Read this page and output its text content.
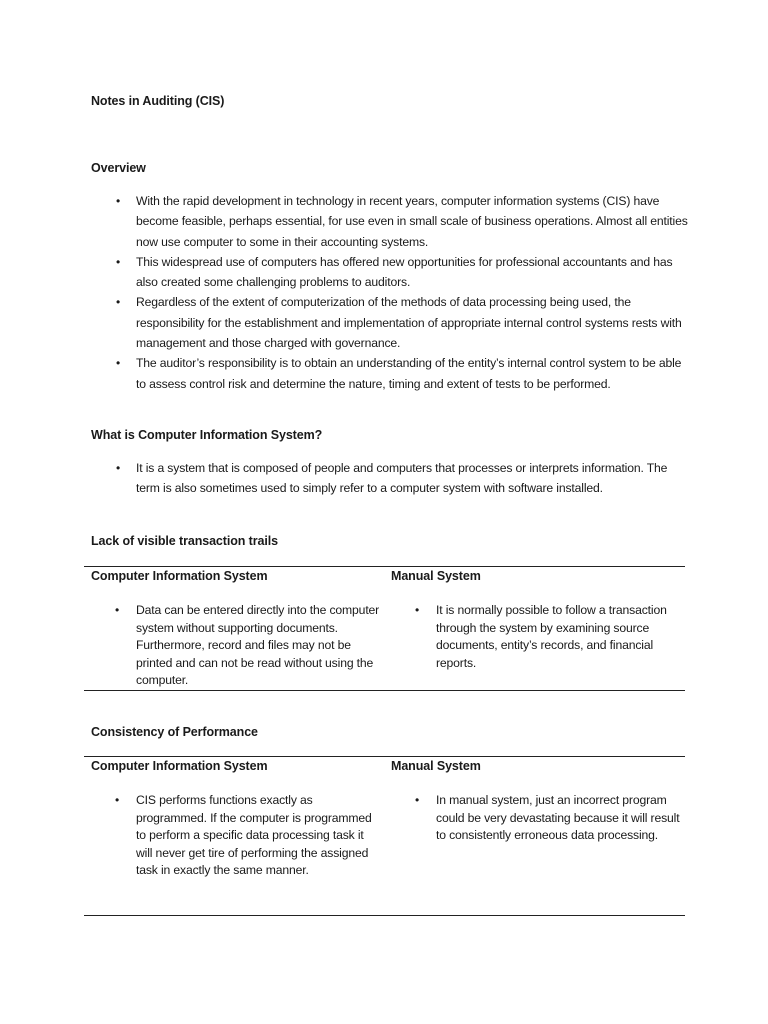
Notes in Auditing (CIS)
Overview
• With the rapid development in technology in recent years, computer information systems (CIS) have become feasible, perhaps essential, for use even in small scale of business operations. Almost all entities now use computer to some in their accounting systems.
• This widespread use of computers has offered new opportunities for professional accountants and has also created some challenging problems to auditors.
• Regardless of the extent of computerization of the methods of data processing being used, the responsibility for the establishment and implementation of appropriate internal control systems rests with management and those charged with governance.
• The auditor’s responsibility is to obtain an understanding of the entity’s internal control system to be able to assess control risk and determine the nature, timing and extent of tests to be performed.
What is Computer Information System?
• It is a system that is composed of people and computers that processes or interprets information. The term is also sometimes used to simply refer to a computer system with software installed.
Lack of visible transaction trails
Computer Information System
• Data can be entered directly into the computer system without supporting documents. Furthermore, record and files may not be printed and can not be read without using the computer.
Manual System
• It is normally possible to follow a transaction through the system by examining source documents, entity’s records, and financial reports.
Consistency of Performance
Computer Information System
• CIS performs functions exactly as programmed. If the computer is programmed to perform a specific data processing task it will never get tire of performing the assigned task in exactly the same manner.
Manual System
• In manual system, just an incorrect program could be very devastating because it will result to consistently erroneous data processing.
